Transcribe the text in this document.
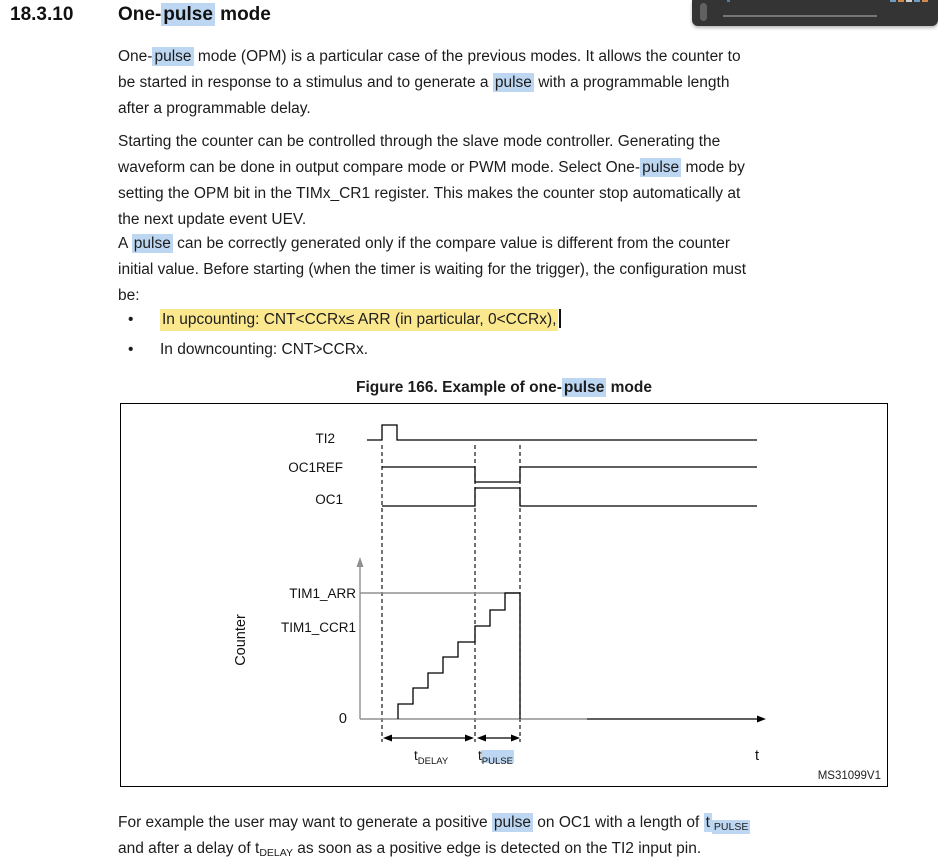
18.3.10 One- pulse mode
One- pulse mode (OPM) is a particular case of the previous modes. It allows the counter to
be started in response to a stimulus and to generate a pulse with a programmable length
after a programmable delay.
Starting the counter can be controlled through the slave mode controller. Generating the
waveform can be done in output compare mode or PWM mode. Select One- pulse mode by
setting the OPM bit in the TIMx_CR1 register. This makes the counter stop automatically at
the next update event UEV.
A pulse can be correctly generated only if the compare value is different from the counter
initial value. Before starting (when the timer is waiting for the trigger), the configuration must
be:
• In upcounting: CNT<CCRx≤ ARR (in particular, 0<CCRx),
• In downcounting: CNT>CCRx.
Figure 166. Example of one- pulse mode
TI2
OC1REF
OC1
TIM1_ARR
TIM1_CCR1
0
Counter
$t_{DELAY}$ $t_{PULSE}$	t
MS31099V1
For example the user may want to generate a positive pulse on OC1 with a length of t $_{PULSE}$
and after a delay of $t_{DELAY}$ as soon as a positive edge is detected on the TI2 input pin.
